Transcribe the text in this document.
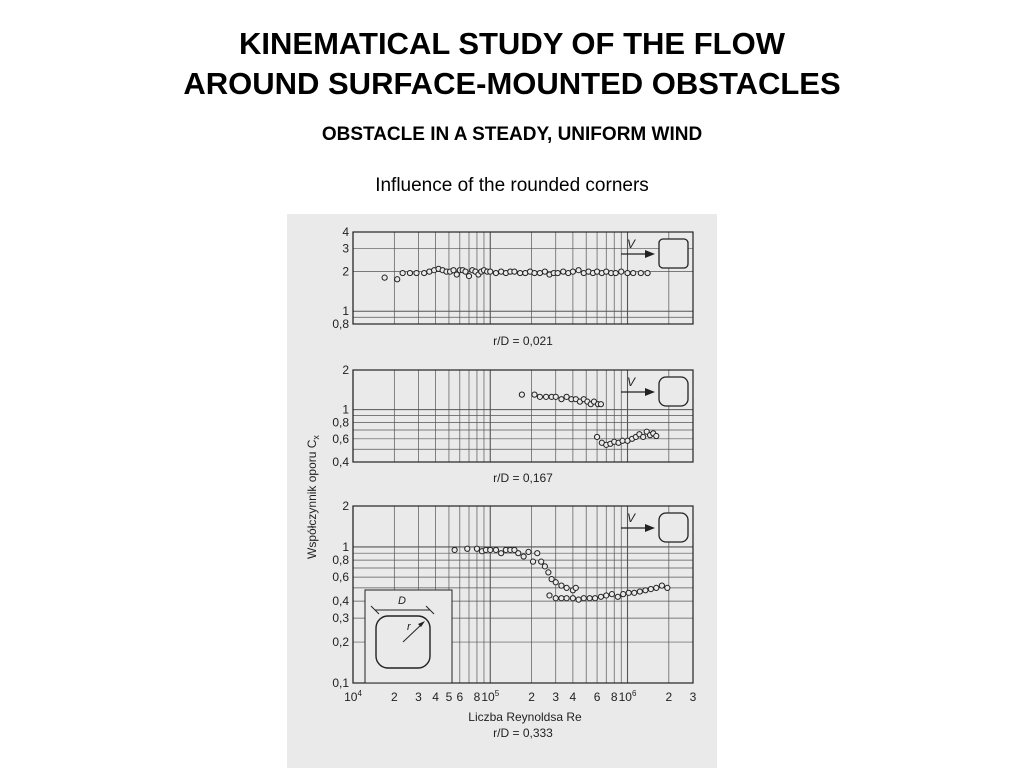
KINEMATICAL STUDY OF THE FLOW
AROUND SURFACE-MOUNTED OBSTACLES
OBSTACLE IN A STEADY, UNIFORM WIND
Influence of the rounded corners
4
3
2
1
0,8
V
r/D = 0,021
2
1
0,8
0,6
0,4
V
r/D = 0,167
2
1
0,8
0,6
0,4
0,3
0,2
0,1
V
r/D = 0,333
Współczynnik oporu $C_x$
$10^4$ 2 3 4 5 6 8 $10^5$ 2 3 4 6 8 $10^6$ 2 3
Liczba Reynoldsa Re
D
r
